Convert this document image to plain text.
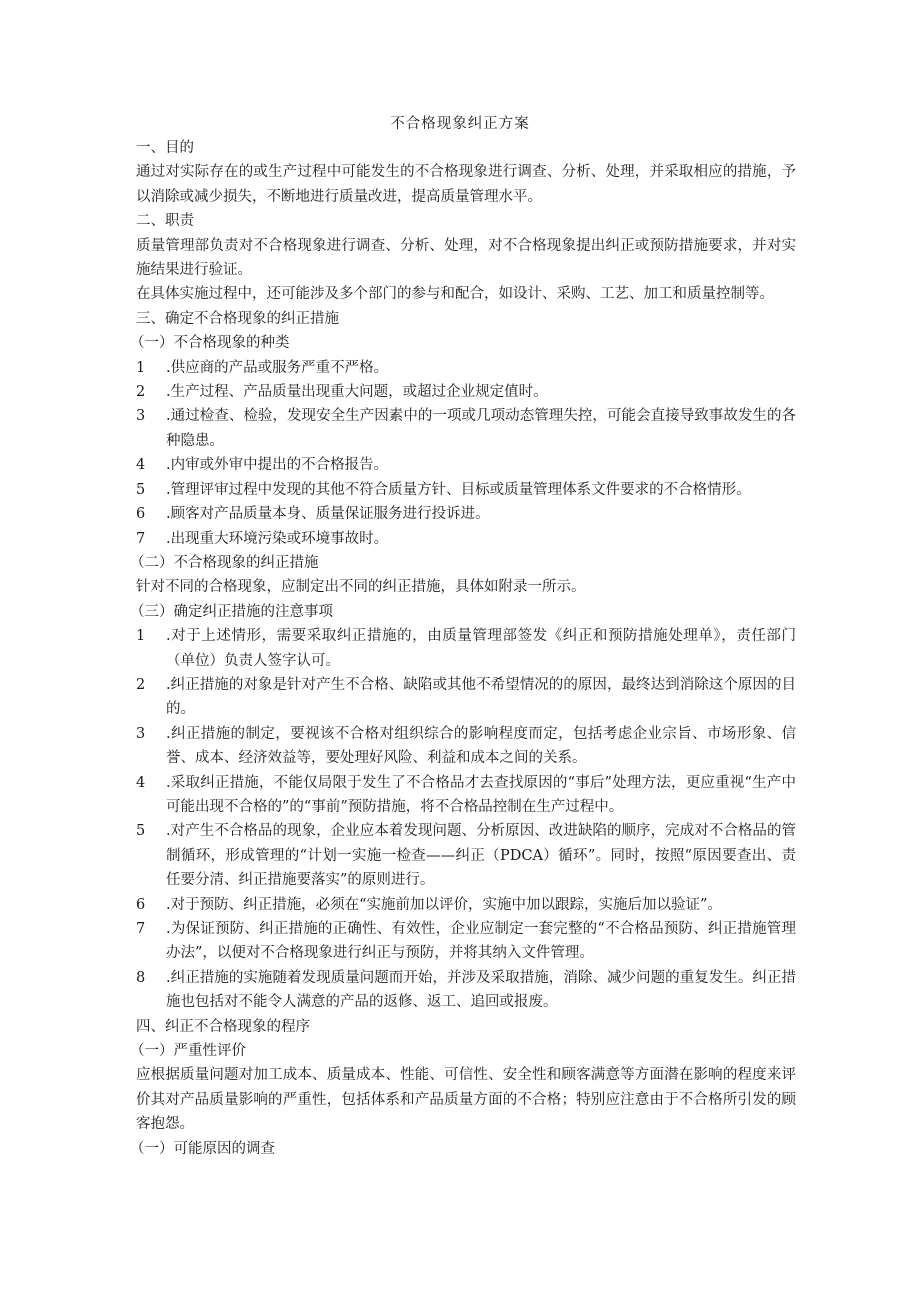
不合格现象纠正方案

一、目的

通过对实际存在的或生产过程中可能发生的不合格现象进行调查、分析、处理，并采取相应的措施，予以消除或减少损失，不断地进行质量改进，提高质量管理水平。

二、职责

质量管理部负责对不合格现象进行调查、分析、处理，对不合格现象提出纠正或预防措施要求，并对实施结果进行验证。

在具体实施过程中，还可能涉及多个部门的参与和配合，如设计、采购、工艺、加工和质量控制等。

三、确定不合格现象的纠正措施

（一）不合格现象的种类

1	.供应商的产品或服务严重不严格。
2	.生产过程、产品质量出现重大问题，或超过企业规定值时。
3	.通过检查、检验，发现安全生产因素中的一项或几项动态管理失控，可能会直接导致事故发生的各种隐患。
4	.内审或外审中提出的不合格报告。
5	.管理评审过程中发现的其他不符合质量方针、目标或质量管理体系文件要求的不合格情形。
6	.顾客对产品质量本身、质量保证服务进行投诉进。
7	.出现重大环境污染或环境事故时。

（二）不合格现象的纠正措施

针对不同的合格现象，应制定出不同的纠正措施，具体如附录一所示。

（三）确定纠正措施的注意事项

1	.对于上述情形，需要采取纠正措施的，由质量管理部签发《纠正和预防措施处理单》，责任部门（单位）负责人签字认可。
2	.纠正措施的对象是针对产生不合格、缺陷或其他不希望情况的的原因，最终达到消除这个原因的目的。
3	.纠正措施的制定，要视该不合格对组织综合的影响程度而定，包括考虑企业宗旨、市场形象、信誉、成本、经济效益等，要处理好风险、利益和成本之间的关系。
4	.采取纠正措施，不能仅局限于发生了不合格品才去查找原因的“事后”处理方法，更应重视“生产中可能出现不合格的”的“事前”预防措施，将不合格品控制在生产过程中。
5	.对产生不合格品的现象，企业应本着发现问题、分析原因、改进缺陷的顺序，完成对不合格品的管制循环，形成管理的“计划一实施一检查——纠正（PDCA）循环”。同时，按照“原因要查出、责任要分清、纠正措施要落实”的原则进行。
6	.对于预防、纠正措施，必须在“实施前加以评价，实施中加以跟踪，实施后加以验证”。
7	.为保证预防、纠正措施的正确性、有效性，企业应制定一套完整的“不合格品预防、纠正措施管理办法”，以便对不合格现象进行纠正与预防，并将其纳入文件管理。
8	.纠正措施的实施随着发现质量问题而开始，并涉及采取措施，消除、减少问题的重复发生。纠正措施也包括对不能令人满意的产品的返修、返工、追回或报废。

四、纠正不合格现象的程序

（一）严重性评价

应根据质量问题对加工成本、质量成本、性能、可信性、安全性和顾客满意等方面潜在影响的程度来评价其对产品质量影响的严重性，包括体系和产品质量方面的不合格；特别应注意由于不合格所引发的顾客抱怨。

（一）可能原因的调查
